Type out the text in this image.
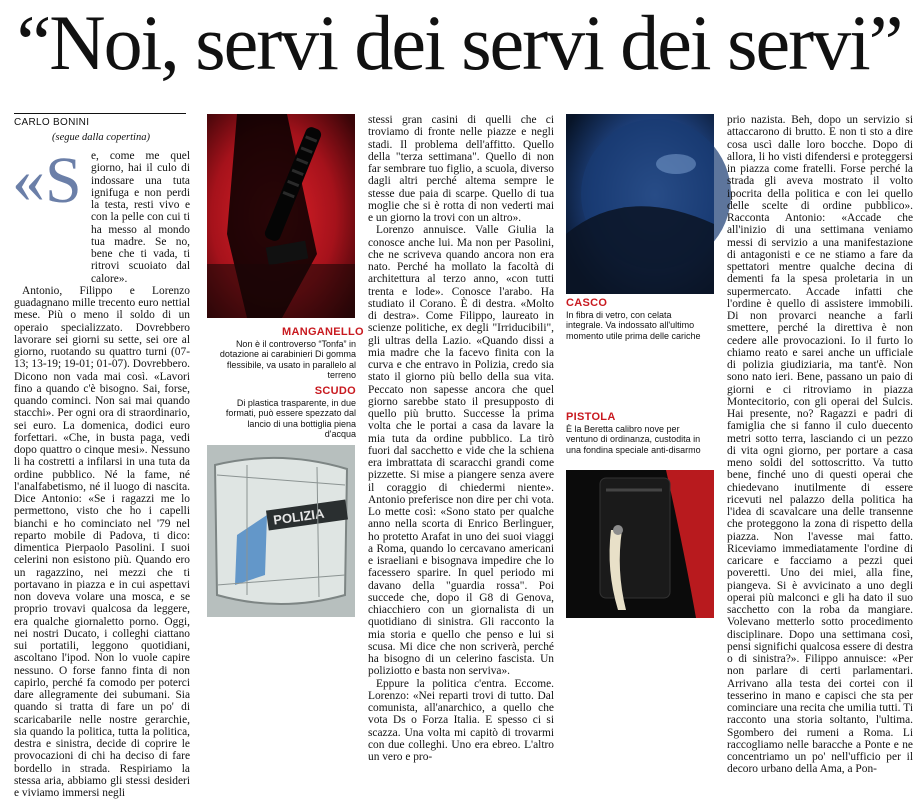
“Noi, servi dei servi dei servi”
CARLO BONINI
(segue dalla copertina)
«S e, come me quel giorno, hai il culo di indossare una tuta ignifuga e non perdi la testa, resti vivo e con la pelle con cui ti ha messo al mondo tua madre. Se no, bene che ti vada, ti ritrovi scuoiato dal calore».

Antonio, Filippo e Lorenzo guadagnano mille trecento euro nettial mese. Più o meno il soldo di un operaio specializzato. Dovrebbero lavorare sei giorni su sette, sei ore al giorno, ruotando su quattro turni (07-13; 13-19; 19-01; 01-07). Dovrebbero. Dicono non vada mai così. «Lavori fino a quando c'è bisogno. Sai, forse, quando cominci. Non sai mai quando stacchi». Per ogni ora di straordinario, sei euro. La domenica, dodici euro forfettari. «Che, in busta paga, vedi dopo quattro o cinque mesi». Nessuno li ha costretti a infilarsi in una tuta da ordine pubblico. Né la fame, né l'analfabetismo, né il luogo di nascita. Dice Antonio: «Se i ragazzi me lo permettono, visto che ho i capelli bianchi e ho cominciato nel '79 nel reparto mobile di Padova, ti dico: dimentica Pierpaolo Pasolini. I suoi celerini non esistono più. Quando ero un ragazzino, nei mezzi che ti portavano in piazza e in cui aspettavi non doveva volare una mosca, e se proprio trovavi qualcosa da leggere, era qualche giornaletto porno. Oggi, nei nostri Ducato, i colleghi ciattano sui portatili, leggono quotidiani, ascoltano l'ipod. Non lo vuole capire nessuno. O forse fanno finta di non capirlo, perché fa comodo per poterci dare allegramente dei subumani. Sia quando si tratta di fare un po' di scaricabarile nelle nostre gerarchie, sia quando la politica, tutta la politica, destra e sinistra, decide di coprire le provocazioni di chi ha deciso di fare bordello in strada. Respiriamo la stessa aria, abbiamo gli stessi desideri e viviamo immersi negli

MANGANELLO
Non è il controverso “Tonfa” in dotazione ai carabinieri Di gomma flessibile, va usato in parallelo al terreno
SCUDO
Di plastica trasparente, in due formati, può essere spezzato dal lancio di una bottiglia piena d'acqua
POLIZIA

stessi gran casini di quelli che ci troviamo di fronte nelle piazze e negli stadi. Il problema dell'affitto. Quello della "terza settimana". Quello di non far sembrare tuo figlio, a scuola, diverso dagli altri perché altema sempre le stesse due paia di scarpe. Quello di tua moglie che si è rotta di non vederti mai e un giorno la trovi con un altro».

Lorenzo annuisce. Valle Giulia la conosce anche lui. Ma non per Pasolini, che ne scriveva quando ancora non era nato. Perché ha mollato la facoltà di architettura al terzo anno, «con tutti trenta e lode». Conosce l'arabo. Ha studiato il Corano. È di destra. «Molto di destra». Come Filippo, laureato in scienze politiche, ex degli "Irriducibili", gli ultras della Lazio. «Quando dissi a mia madre che la facevo finita con la curva e che entravo in Polizia, credo sia stato il giorno più bello della sua vita. Peccato non sapesse ancora che quel giorno sarebbe stato il presupposto di quello più brutto. Successe la prima volta che le portai a casa da lavare la mia tuta da ordine pubblico. La tirò fuori dal sacchetto e vide che la schiena era imbrattata di scaracchi grandi come pizzette. Si mise a piangere senza avere il coraggio di chiedermi niente». Antonio preferisce non dire per chi vota. Lo mette così: «Sono stato per qualche anno nella scorta di Enrico Berlinguer, ho protetto Arafat in uno dei suoi viaggi a Roma, quando lo cercavano americani e israeliani e bisognava impedire che lo facessero sparire. In quel periodo mi davano della "guardia rossa". Poi succede che, dopo il G8 di Genova, chiacchiero con un giornalista di un quotidiano di sinistra. Gli racconto la mia storia e quello che penso e lui si scusa. Mi dice che non scriverà, perché ha bisogno di un celerino fascista. Un poliziotto e basta non serviva».

Eppure la politica c'entra. Eccome. Lorenzo: «Nei reparti trovi di tutto. Dal comunista, all'anarchico, a quello che vota Ds o Forza Italia. E spesso ci si scazza. Una volta mi capitò di trovarmi con due colleghi. Uno era ebreo. L'altro un vero e pro-

CASCO
In fibra di vetro, con celata integrale. Va indossato all'ultimo momento utile prima delle cariche
PISTOLA
È la Beretta calibro nove per ventuno di ordinanza, custodita in una fondina speciale anti-disarmo

prio nazista. Beh, dopo un servizio si attaccarono di brutto. E non ti sto a dire cosa uscì dalle loro bocche. Dopo di allora, li ho visti difendersi e proteggersi in piazza come fratelli. Forse perché la strada gli aveva mostrato il volto ipocrita della politica e con lei quello delle scelte di ordine pubblico». Racconta Antonio: «Accade che all'inizio di una settimana veniamo messi di servizio a una manifestazione di antagonisti e ce ne stiamo a fare da spettatori mentre qualche decina di dementi fa la spesa proletaria in un supermercato. Accade infatti che l'ordine è quello di assistere immobili. Di non provarci neanche a farli smettere, perché la direttiva è non cedere alle provocazioni. Io il furto lo chiamo reato e sarei anche un ufficiale di polizia giudiziaria, ma tant'è. Non sono nato ieri. Bene, passano un paio di giorni e ci ritroviamo in piazza Montecitorio, con gli operai del Sulcis. Hai presente, no? Ragazzi e padri di famiglia che si fanno il culo duecento metri sotto terra, lasciando ci un pezzo di vita ogni giorno, per portare a casa meno soldi del sottoscritto. Va tutto bene, finché uno di questi operai che chiedevano inutilmente di essere ricevuti nel palazzo della politica ha l'idea di scavalcare una delle transenne che proteggono la zona di rispetto della piazza. Non l'avesse mai fatto. Riceviamo immediatamente l'ordine di caricare e facciamo a pezzi quei poveretti. Uno dei miei, alla fine, piangeva. Si è avvicinato a uno degli operai più malconci e gli ha dato il suo sacchetto con la roba da mangiare. Volevano metterlo sotto procedimento disciplinare. Dopo una settimana così, pensi significhi qualcosa essere di destra o di sinistra?». Filippo annuisce: «Per non parlare di certi parlamentari. Arrivano alla testa dei cortei con il tesserino in mano e capisci che sta per cominciare una recita che umilia tutti. Ti racconto una storia soltanto, l'ultima. Sgombero dei rumeni a Roma. Li raccogliamo nelle baracche a Ponte e ne concentriamo un po' nell'ufficio per il decoro urbano della Ama, a Pon-
